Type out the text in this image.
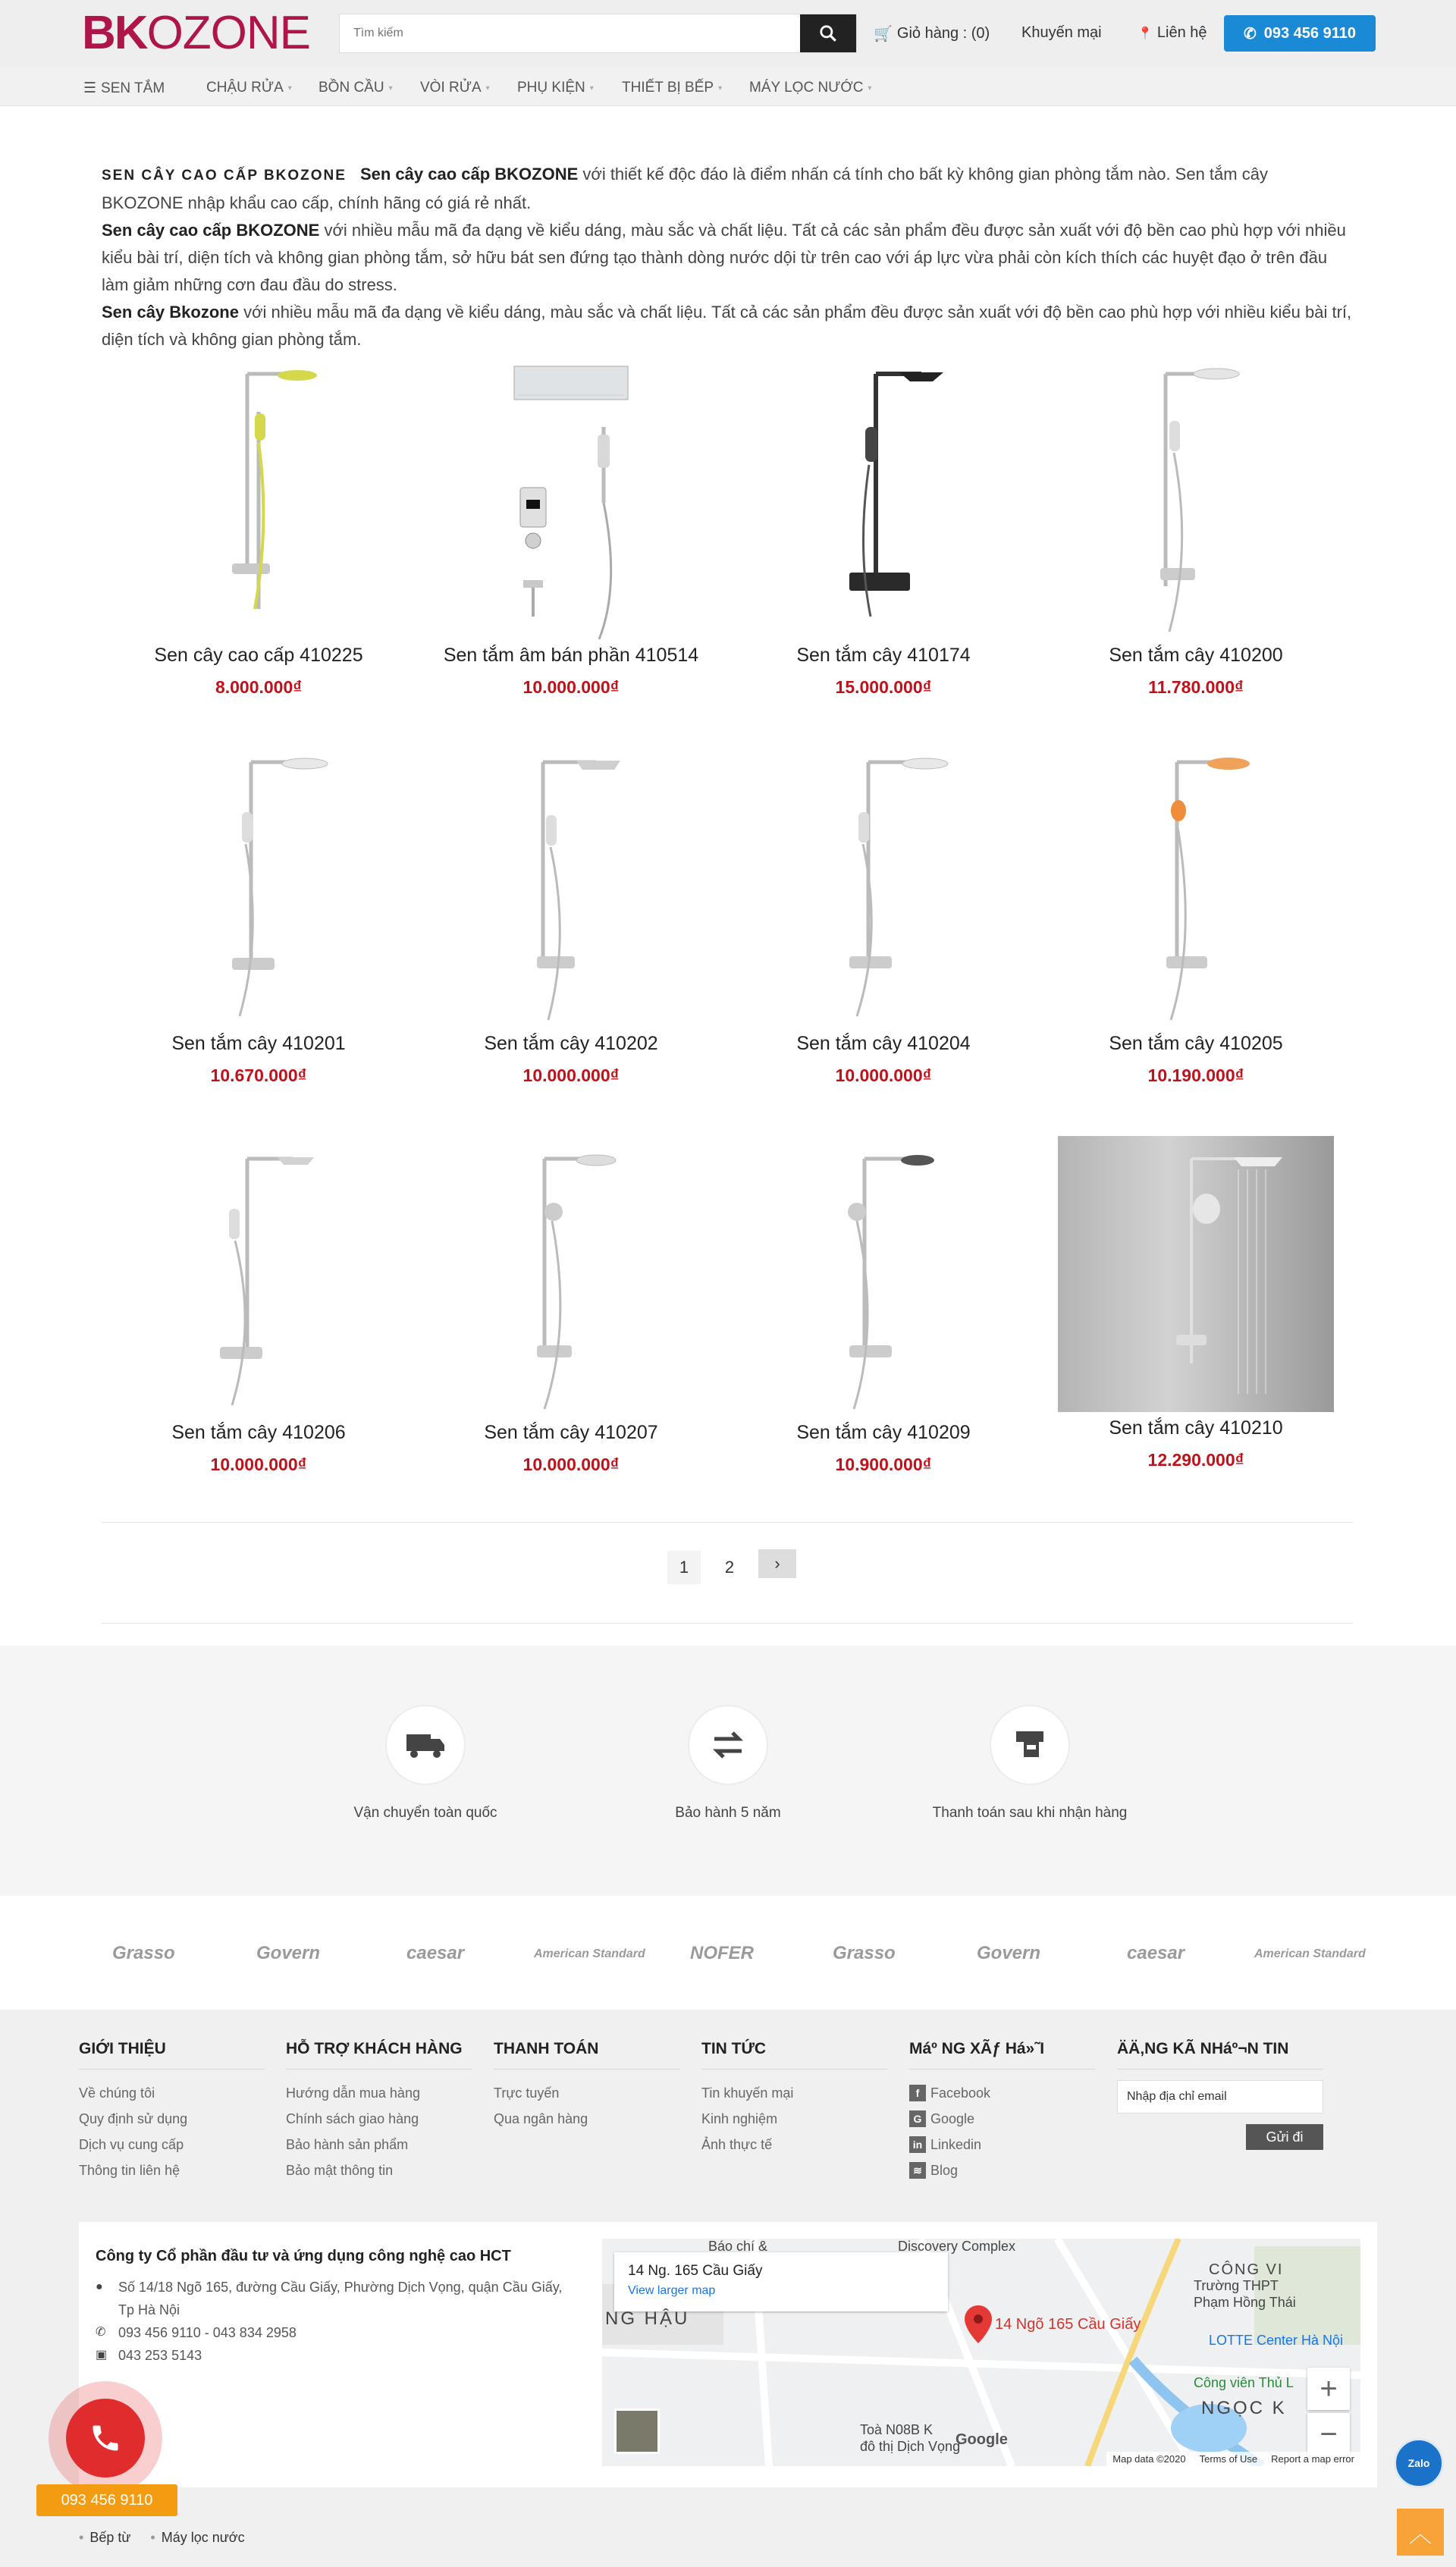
BK OZONE
Tìm kiếm	🛒 Giỏ hàng : (0) Khuyến mại	📍 Liên hệ ✆ 093 456 9110
☰ SEN TẮM	CHẬU RỬA ▾ BỒN CẦU ▾ VÒI RỬA ▾ PHỤ KIỆN ▾ THIẾT BỊ BẾP ▾ MÁY LỌC NƯỚC ▾
SEN CÂY CAO CẤP BKOZONE Sen cây cao cấp BKOZONE với thiết kế độc đáo là điểm nhấn cá tính cho bất kỳ không gian phòng tắm nào. Sen tắm cây BKOZONE nhập khẩu cao cấp, chính hãng có giá rẻ nhất.
Sen cây cao cấp BKOZONE với nhiều mẫu mã đa dạng về kiểu dáng, màu sắc và chất liệu. Tất cả các sản phẩm đều được sản xuất với độ bền cao phù hợp với nhiều kiểu bài trí, diện tích và không gian phòng tắm, sở hữu bát sen đứng tạo thành dòng nước dội từ trên cao với áp lực vừa phải còn kích thích các huyệt đạo ở trên đầu làm giảm những cơn đau đầu do stress.
Sen cây Bkozone với nhiều mẫu mã đa dạng về kiểu dáng, màu sắc và chất liệu. Tất cả các sản phẩm đều được sản xuất với độ bền cao phù hợp với nhiều kiểu bài trí, diện tích và không gian phòng tắm.
Sen cây cao cấp 410225
8.000.000₫
Sen tắm âm bán phần 410514
10.000.000₫
Sen tắm cây 410174
15.000.000₫
Sen tắm cây 410200
11.780.000₫
Sen tắm cây 410201
10.670.000₫
Sen tắm cây 410202
10.000.000₫
Sen tắm cây 410204
10.000.000₫
Sen tắm cây 410205
10.190.000₫
Sen tắm cây 410206
10.000.000₫
Sen tắm cây 410207
10.000.000₫
Sen tắm cây 410209
10.900.000₫
Sen tắm cây 410210
12.290.000₫
1	2	›
Vận chuyển toàn quốc	Bảo hành 5 năm	Thanh toán sau khi nhận hàng
Grasso	Govern	caesar	American Standard NOFER	Grasso	Govern	caesar	American Standard
GIỚI THIỆU
Về chúng tôi
Quy định sử dụng
Dịch vụ cung cấp
Thông tin liên hệ
HỖ TRỢ KHÁCH HÀNG
Hướng dẫn mua hàng
Chính sách giao hàng
Bảo hành sản phẩm
Bảo mật thông tin
THANH TOÁN
Trực tuyến
Qua ngân hàng
TIN TỨC
Tin khuyến mại
Kinh nghiệm
Ảnh thực tế
Máº NG XÃƒ Há»˜I
f Facebook
G Google
in Linkedin
≋ Blog
ÄÄ‚NG KÃ NHáº¬N TIN
Nhập địa chỉ email
Gửi đi
Công ty Cổ phần đầu tư và ứng dụng công nghệ cao HCT

●	Số 14/18 Ngõ 165, đường Cầu Giấy, Phường Dịch Vọng, quận Cầu Giấy, Tp Hà Nội

✆ 093 456 9110 - 043 834 2958

▣ 043 253 5143

14 Ng. 165 Cầu Giấy
View larger map
Báo chí &	Discovery Complex
CÔNG VI
Trường THPT
Phạm Hồng Thái
LOTTE Center Hà Nội
Công viên Thủ L
NGỌC K
NG HẬU
Toà N08B K
đô thị Dịch Vọng
14 Ngõ 165 Cầu Giấy
+
−
Google
Map data ©2020 Terms of Use Report a map error
• Bếp từ
•	Máy lọc nước
093 456 9110
Zalo
︿
